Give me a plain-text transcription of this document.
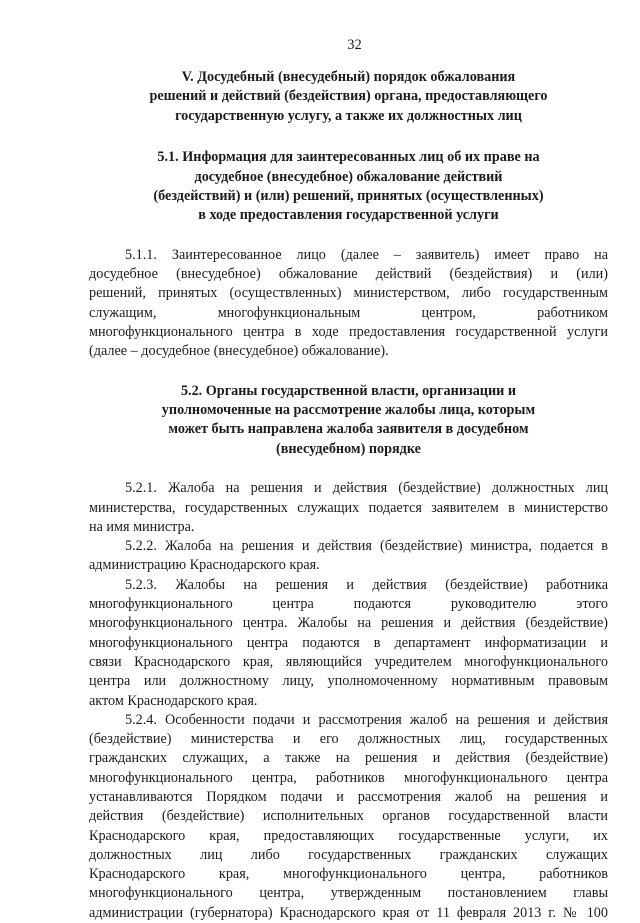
32
V. Досудебный (внесудебный) порядок обжалования
решений и действий (бездействия) органа, предоставляющего
государственную услугу, а также их должностных лиц
5.1. Информация для заинтересованных лиц об их праве на
досудебное (внесудебное) обжалование действий
(бездействий) и (или) решений, принятых (осуществленных)
в ходе предоставления государственной услуги
5.1.1. Заинтересованное лицо (далее – заявитель) имеет право на
досудебное (внесудебное) обжалование действий (бездействия) и (или)
решений, принятых (осуществленных) министерством, либо государственным
служащим, многофункциональным центром, работником
многофункционального центра в ходе предоставления государственной услуги
(далее – досудебное (внесудебное) обжалование).
5.2. Органы государственной власти, организации и
уполномоченные на рассмотрение жалобы лица, которым
может быть направлена жалоба заявителя в досудебном
(внесудебном) порядке
5.2.1. Жалоба на решения и действия (бездействие) должностных лиц
министерства, государственных служащих подается заявителем в министерство
на имя министра.
5.2.2. Жалоба на решения и действия (бездействие) министра, подается в
администрацию Краснодарского края.
5.2.3. Жалобы на решения и действия (бездействие) работника
многофункционального центра подаются руководителю этого
многофункционального центра. Жалобы на решения и действия (бездействие)
многофункционального центра подаются в департамент информатизации и
связи Краснодарского края, являющийся учредителем многофункционального
центра или должностному лицу, уполномоченному нормативным правовым
актом Краснодарского края.
5.2.4. Особенности подачи и рассмотрения жалоб на решения и действия
(бездействие) министерства и его должностных лиц, государственных
гражданских служащих, а также на решения и действия (бездействие)
многофункционального центра, работников многофункционального центра
устанавливаются Порядком подачи и рассмотрения жалоб на решения и
действия (бездействие) исполнительных органов государственной власти
Краснодарского края, предоставляющих государственные услуги, их
должностных лиц либо государственных гражданских служащих
Краснодарского края, многофункционального центра, работников
многофункционального центра, утвержденным постановлением главы
администрации (губернатора) Краснодарского края от 11 февраля 2013 г. № 100
